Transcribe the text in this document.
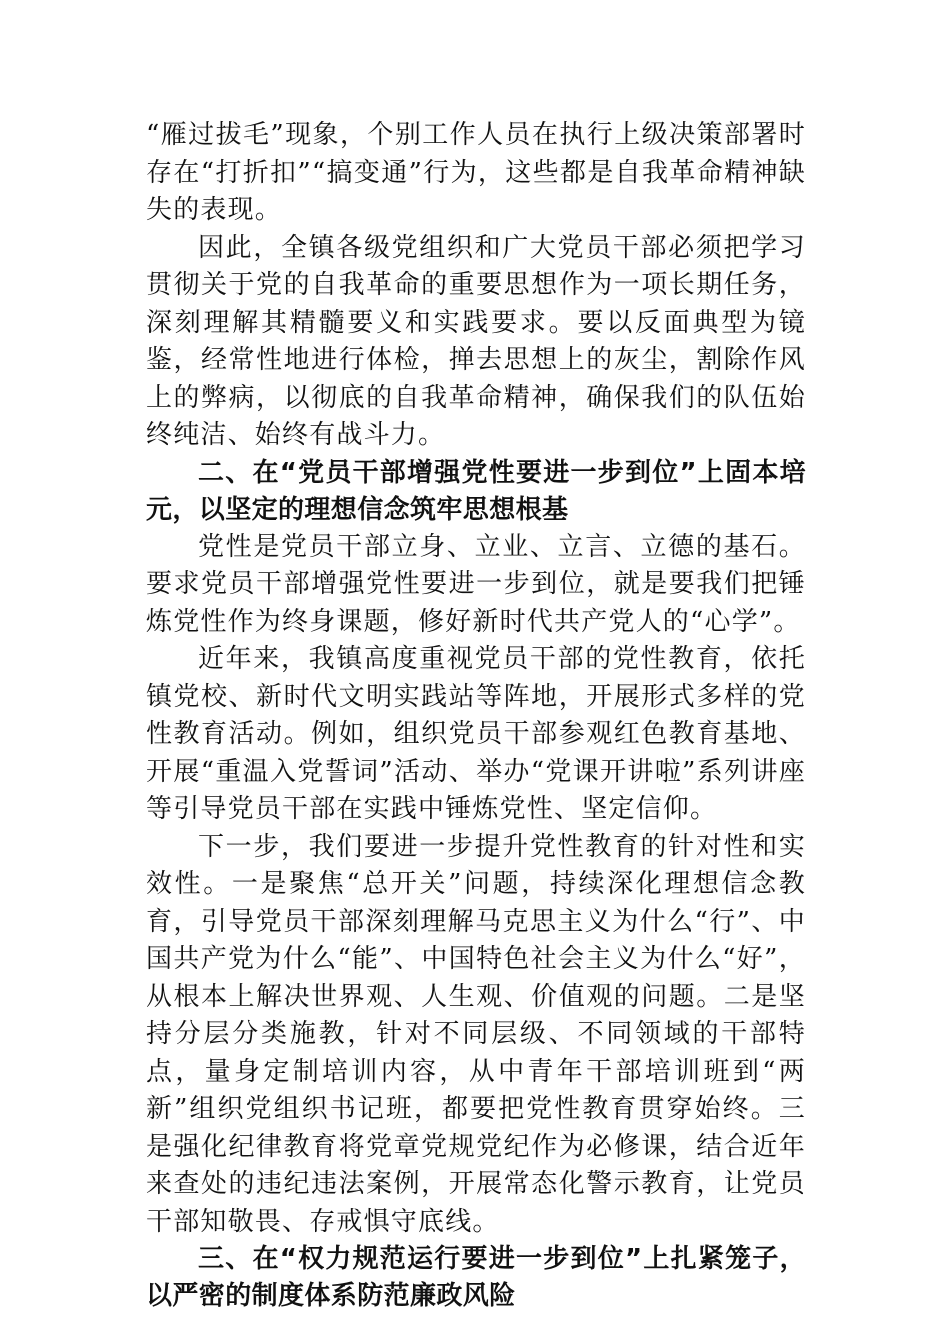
“雁过拔毛”现象，个别工作人员在执行上级决策部署时存在“打折扣”“搞变通”行为，这些都是自我革命精神缺失的表现。

因此，全镇各级党组织和广大党员干部必须把学习贯彻关于党的自我革命的重要思想作为一项长期任务，深刻理解其精髓要义和实践要求。要以反面典型为镜鉴，经常性地进行体检，掸去思想上的灰尘，割除作风上的弊病，以彻底的自我革命精神，确保我们的队伍始终纯洁、始终有战斗力。

二、在“党员干部增强党性要进一步到位”上固本培元，以坚定的理想信念筑牢思想根基

党性是党员干部立身、立业、立言、立德的基石。要求党员干部增强党性要进一步到位，就是要我们把锤炼党性作为终身课题，修好新时代共产党人的“心学”。

近年来，我镇高度重视党员干部的党性教育，依托镇党校、新时代文明实践站等阵地，开展形式多样的党性教育活动。例如，组织党员干部参观红色教育基地、开展“重温入党誓词”活动、举办“党课开讲啦”系列讲座等引导党员干部在实践中锤炼党性、坚定信仰。

下一步，我们要进一步提升党性教育的针对性和实效性。一是聚焦“总开关”问题，持续深化理想信念教育，引导党员干部深刻理解马克思主义为什么“行”、中国共产党为什么“能”、中国特色社会主义为什么“好”，从根本上解决世界观、人生观、价值观的问题。二是坚持分层分类施教，针对不同层级、不同领域的干部特点，量身定制培训内容，从中青年干部培训班到“两新”组织党组织书记班，都要把党性教育贯穿始终。三是强化纪律教育将党章党规党纪作为必修课，结合近年来查处的违纪违法案例，开展常态化警示教育，让党员干部知敬畏、存戒惧守底线。

三、在“权力规范运行要进一步到位”上扎紧笼子，以严密的制度体系防范廉政风险
